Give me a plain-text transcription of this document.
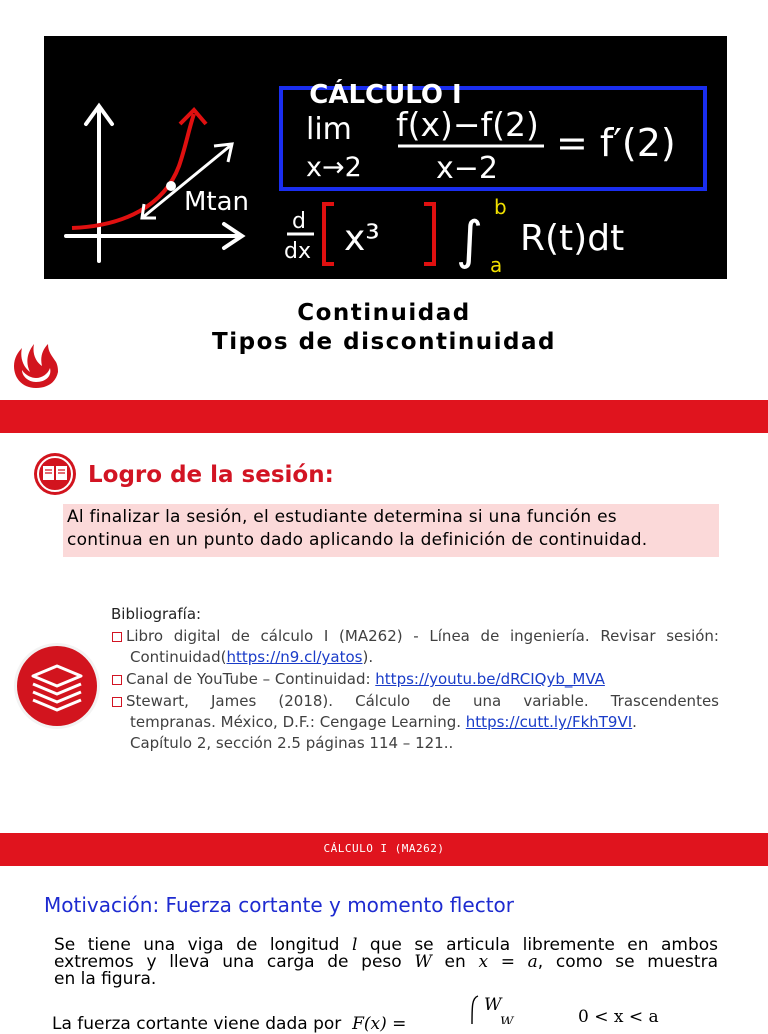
Mtan
lim
x→2
f(x)−f(2)
x−2
= f′(2)
d
dx x³ ∫
b
a
R(t)dt
CÁLCULO I
Continuidad
Tipos de discontinuidad
Logro de la sesión:
Al finalizar la sesión, el estudiante determina si una función es
continua en un punto dado aplicando la definición de continuidad.
Bibliografía:
Libro digital de cálculo I (MA262) - Línea de ingeniería. Revisar sesión:
Continuidad(https://n9.cl/yatos).
Canal de YouTube – Continuidad: https://youtu.be/dRCIQyb_MVA
Stewart, James (2018). Cálculo de una variable. Trascendentes
tempranas. México, D.F.: Cengage Learning. https://cutt.ly/FkhT9VI.
Capítulo 2, sección 2.5 páginas 114 – 121..
CÁLCULO I (MA262)
Motivación: Fuerza cortante y momento flector
Se tiene una viga de longitud l que se articula libremente en ambos
extremos y lleva una carga de peso W en x = a, como se muestra
en la figura.
La fuerza cortante viene dada por F(x) =
W
W	0 < x < a
